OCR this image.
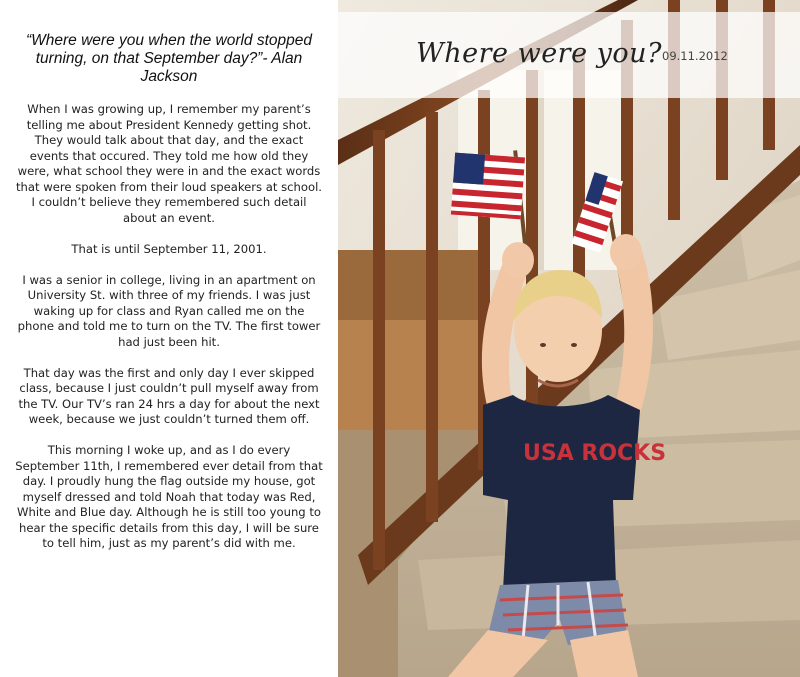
“Where were you when the world stopped turning, on that September day?”- Alan Jackson

When I was growing up, I remember my parent’s telling me about President Kennedy getting shot. They would talk about that day, and the exact events that occured. They told me how old they were, what school they were in and the exact words that were spoken from their loud speakers at school. I couldn’t believe they remembered such detail about an event.

That is until September 11, 2001.

I was a senior in college, living in an apartment on University St. with three of my friends. I was just waking up for class and Ryan called me on the phone and told me to turn on the TV. The first tower had just been hit.

That day was the first and only day I ever skipped class, because I just couldn’t pull myself away from the TV. Our TV’s ran 24 hrs a day for about the next week, because we just couldn’t turned them off.

This morning I woke up, and as I do every September 11th, I remembered ever detail from that day. I proudly hung the flag outside my house, got myself dressed and told Noah that today was Red, White and Blue day. Although he is still too young to hear the specific details from this day, I will be sure to tell him, just as my parent’s did with me.

USA ROCKS
Where were you? 09.11.2012
